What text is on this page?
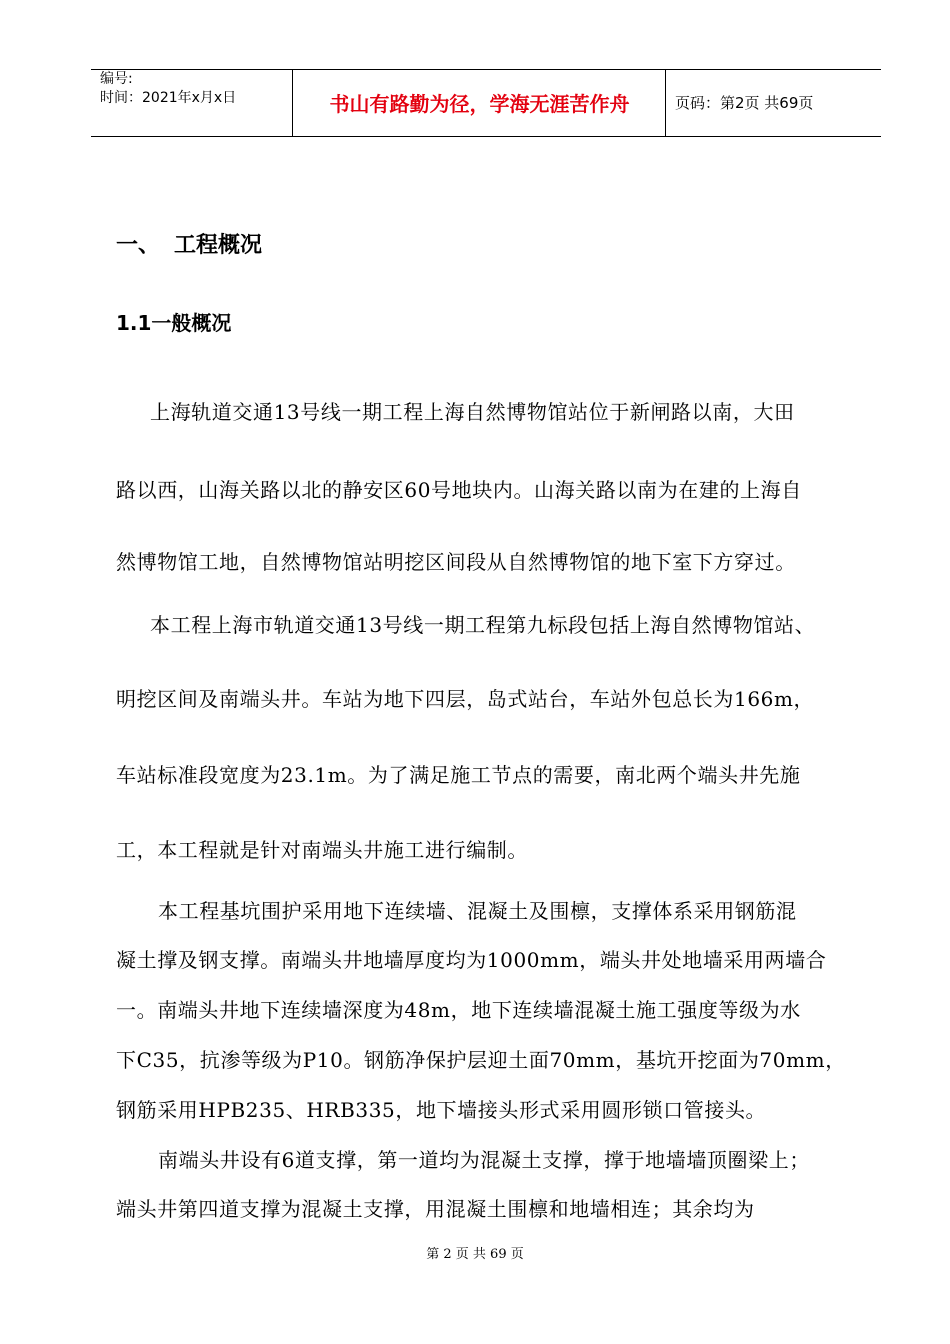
编号:
时间：2021年x月x日	书山有路勤为径，学海无涯苦作舟	页码：第2页 共69页
一、 工程概况
1.1一般概况
上海轨道交通13号线一期工程上海自然博物馆站位于新闸路以南，大田
路以西，山海关路以北的静安区60号地块内。山海关路以南为在建的上海自
然博物馆工地，自然博物馆站明挖区间段从自然博物馆的地下室下方穿过。
本工程上海市轨道交通13号线一期工程第九标段包括上海自然博物馆站、
明挖区间及南端头井。车站为地下四层，岛式站台，车站外包总长为166m，
车站标准段宽度为23.1m。为了满足施工节点的需要，南北两个端头井先施
工，本工程就是针对南端头井施工进行编制。
本工程基坑围护采用地下连续墙、混凝土及围檩，支撑体系采用钢筋混
凝土撑及钢支撑。南端头井地墙厚度均为1000mm，端头井处地墙采用两墙合
一。南端头井地下连续墙深度为48m，地下连续墙混凝土施工强度等级为水
下C35，抗渗等级为P10。钢筋净保护层迎土面70mm，基坑开挖面为70mm，
钢筋采用HPB235、HRB335，地下墙接头形式采用圆形锁口管接头。
南端头井设有6道支撑，第一道均为混凝土支撑，撑于地墙墙顶圈梁上；
端头井第四道支撑为混凝土支撑，用混凝土围檩和地墙相连；其余均为
第 2 页 共 69 页
